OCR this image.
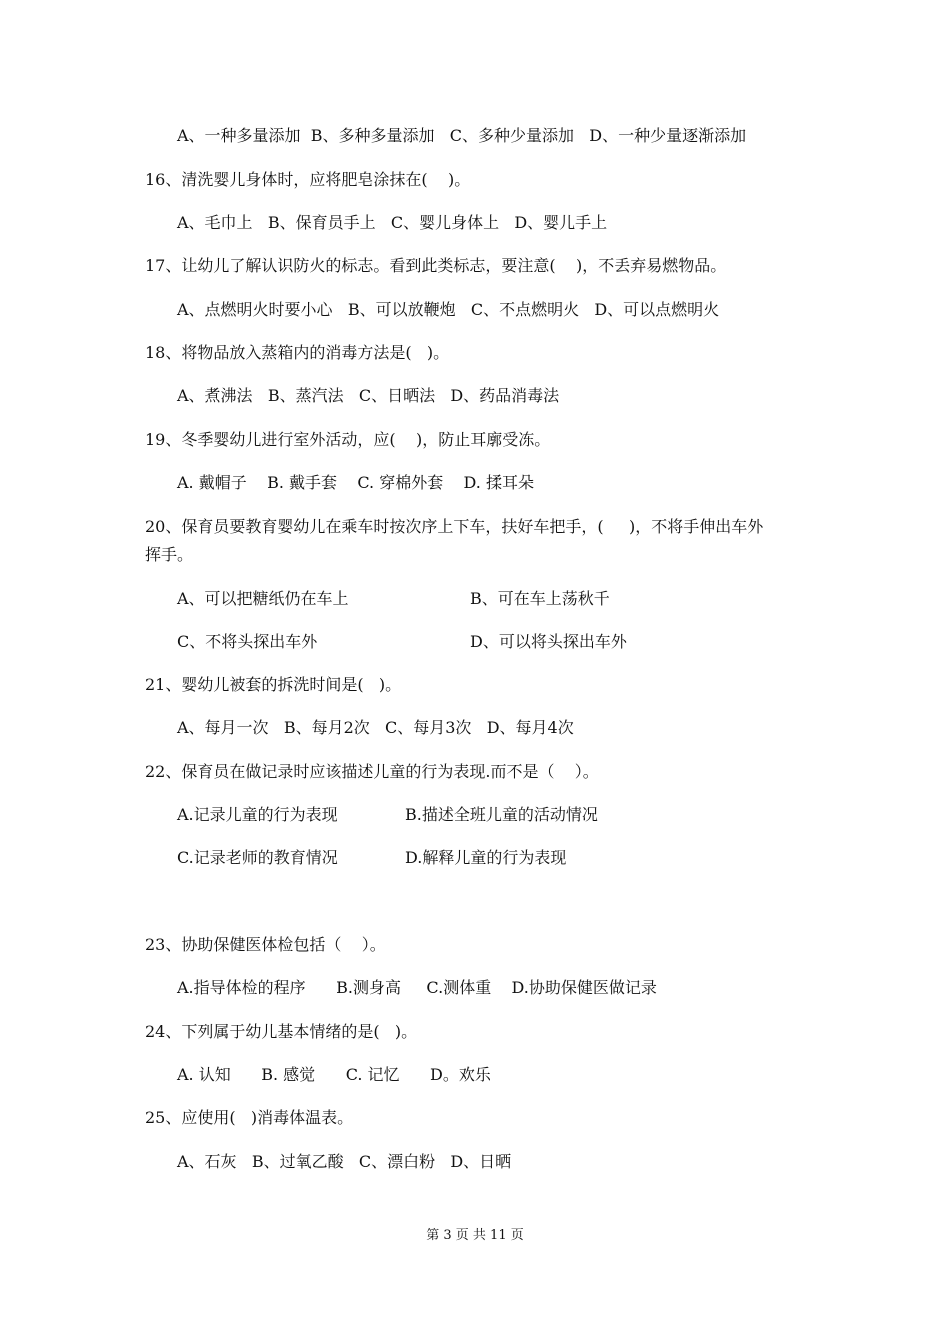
A、一种多量添加  B、多种多量添加   C、多种少量添加   D、一种少量逐渐添加
16、清洗婴儿身体时，应将肥皂涂抹在(    )。
A、毛巾上   B、保育员手上   C、婴儿身体上   D、婴儿手上
17、让幼儿了解认识防火的标志。看到此类标志，要注意(    )，不丢弃易燃物品。
A、点燃明火时要小心   B、可以放鞭炮   C、不点燃明火   D、可以点燃明火
18、将物品放入蒸箱内的消毒方法是(   )。
A、煮沸法   B、蒸汽法   C、日晒法   D、药品消毒法
19、冬季婴幼儿进行室外活动，应(    )，防止耳廓受冻。
A. 戴帽子    B. 戴手套    C. 穿棉外套    D. 揉耳朵
20、保育员要教育婴幼儿在乘车时按次序上下车，扶好车把手，(     )，不将手伸出车外
挥手。
A、可以把糖纸仍在车上	B、可在车上荡秋千
C、不将头探出车外	D、可以将头探出车外
21、婴幼儿被套的拆洗时间是(   )。
A、每月一次   B、每月2次   C、每月3次   D、每月4次
22、保育员在做记录时应该描述儿童的行为表现.而不是（    ）。
A.记录儿童的行为表现	B.描述全班儿童的活动情况
C.记录老师的教育情况	D.解释儿童的行为表现
23、协助保健医体检包括（    ）。
A.指导体检的程序      B.测身高     C.测体重    D.协助保健医做记录
24、下列属于幼儿基本情绪的是(   )。
A. 认知      B. 感觉      C. 记忆      D。欢乐
25、应使用(   )消毒体温表。
A、石灰   B、过氧乙酸   C、漂白粉   D、日晒
第 3 页 共 11 页
